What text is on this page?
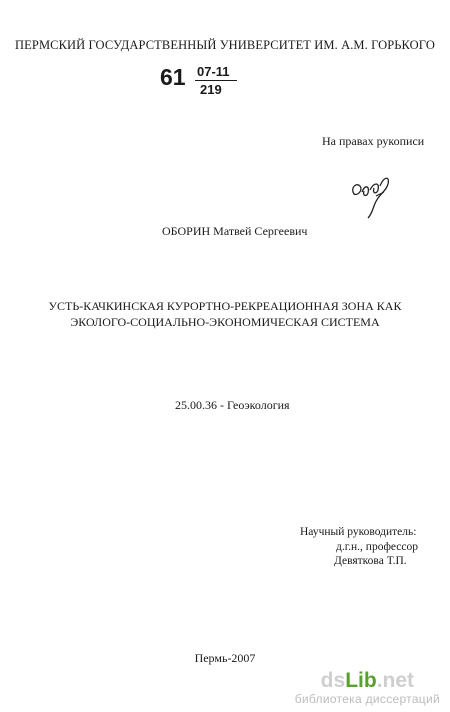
ПЕРМСКИЙ ГОСУДАРСТВЕННЫЙ УНИВЕРСИТЕТ ИМ. А.М. ГОРЬКОГО
61 07-11
219
На правах рукописи
ОБОРИН Матвей Сергеевич
УСТЬ-КАЧКИНСКАЯ КУРОРТНО-РЕКРЕАЦИОННАЯ ЗОНА КАК
ЭКОЛОГО-СОЦИАЛЬНО-ЭКОНОМИЧЕСКАЯ СИСТЕМА
25.00.36 - Геоэкология
Научный руководитель:
д.г.н., профессор
Девяткова Т.П.
Пермь-2007
dsLib.net
библиотека диссертаций
